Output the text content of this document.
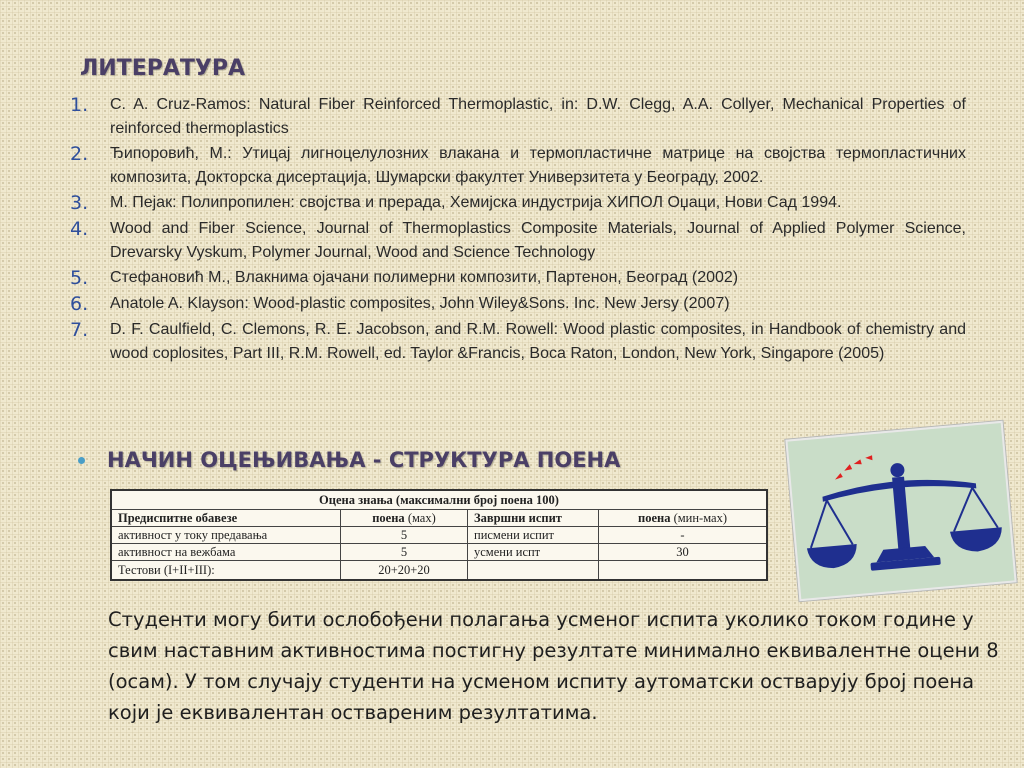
ЛИТЕРАТУРА
1.	C. A. Cruz-Ramos: Natural Fiber Reinforced Thermoplastic, in: D.W. Clegg, A.A. Collyer, Mechanical Properties of reinforced thermoplastics
2.	Ђипоровић, М.: Утицај лигноцелулозних влакана и термопластичне матрице на својства термопластичних композита, Докторска дисертација, Шумарски факултет Универзитета у Београду, 2002.
3.	М. Пејак: Полипропилен: својства и прерада, Хемијска индустрија ХИПОЛ Оџаци, Нови Сад 1994.
4.	Wood and Fiber Science, Journal of Thermoplastics Composite Materials, Journal of Applied Polymer Science, Drevarsky Vyskum, Polymer Journal, Wood and Science Technology
5.	Стефановић М., Влакнима ојачани полимерни композити, Партенон, Београд (2002)
6.	Anatole A. Klayson: Wood-plastic composites, John Wiley&Sons. Inc. New Jersy (2007)
7.	D. F. Caulfield, C. Clemons, R. E. Jacobson, and R.M. Rowell: Wood plastic composites, in Handbook of chemistry and wood coplosites, Part III, R.M. Rowell, ed. Taylor &Francis, Boca Raton, London, New York, Singapore (2005)
НАЧИН ОЦЕЊИВАЊА - СТРУКТУРА ПОЕНА
Оцена знања (максимални број поена 100)			
Предиспитне обавезе	поена (мах)	Завршни испит	поена (мин-мах)
активност у току предавања	5	писмени испит	-
активност на вежбама	5	усмени испт	30
Тестови (I+II+III):	20+20+20		
Студенти могу бити ослобођени полагања усменог испита уколико током године у свим наставним активностима постигну резултате минимално еквивалентне оцени 8 (осам). У том случају студенти на усменом испиту аутоматски остварују број поена који је еквивалентан оствареним резултатима.
